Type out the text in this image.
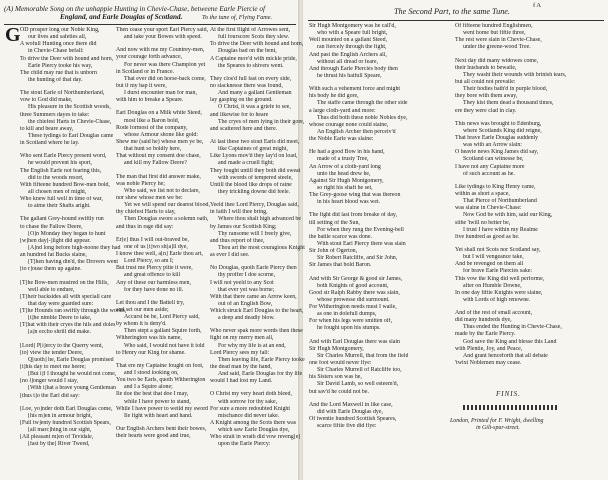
(A) Memorable Song on the unhappie Hunting in Chevie-Chase, betweene Earle Piercie of
England, and Earle Douglas of Scotland.	To the tune of, Flying Fame.
G OD prosper long our Noble King,
our lives and safeties all,
A wofull Hunting once there did
in Chevie-Chase befall:
To drive the Deer with hound and horn,
Earle Piercy tooke his way,
The child may rue that is unborn
the hunting of that day.
The stout Earle of Northumberland,
vow to God did make,
His pleasure in the Scottish woods,
three Summers dayes to take:
the chiefest Harts in Chevie-Chase,
to kill and beare away,
These tydings to Earl Douglas came
in Scotland where he lay.
Who sent Earle Piercy present word,
he would prevent his sport,
The English Earle not fearing this,
did to the woods resort,
With fifteene hundred Bow-men bold,
all chosen men of might,
Who knew full well in time of war,
to aime their Shafts aright.
The gallant Grey-hound swiftly run
to chase the Fallow Deere,
[O]n Monday they began to hunt
[w]hen day[-]light did appear.
[A]nd long before high-noone they had
an hundred fat Bucks slaine,
[T]hen having din'd, the Drovers went
[to r]ouse them up againe.
[T]he Bow-men mustred on the Hills,
well able to endure,
[T]heir backsides all with speciall care
that day were guarded sure:
[T]he Hounds ran swiftly through the woods,
[t]he nimble Deere to take,
[T]hat with their cryes the hils and doles
[a]n eccho shrill did make.
[Lord] P[i]ercy to the Querry went,
[to] view the tender Deere,
Q[uoth] he, Earle Douglas promised
[t]his day to meet me heere;
[But i]f I thought he would not come,
[no l]onger would I stay,
[With t]hat a brave young Gentleman
[thus t]o the Earl did say:
[Loe, yo]nder doth Earl Douglas come,
[his m]en in armour bright,
[Full tw]enty hundred Scottish Spears,
[all marc]hing in our sight,
[All pleasant m]en of Tevidale,
[fast by the] River Tweed,
Then cease your sport Earl Piercy said,
and take your Bowes with speed.
And now with me my Countrey-men,
your courage forth advance,
For never was there Champion yet
in Scotland or in France.
That ever did on horse-back come,
but if my hap it were,
I durst encounter man for man,
with him to breake a Speare.
Earl Douglas on a Milk white Steed,
most like a Baron bold,
Rode formost of the company,
whose Armour shone like gold:
Shew me (said he) whose men ye be,
that hunt so boldly here,
That without my consent doe chase,
and kill my Fallow Deere?
The man that first did answer make,
was noble Piercy he;
Who said, we list not to declare,
nor shew whose men we be:
Yet we will spend our dearest blood,
thy chiefest Harts to slay,
Then Douglas swore a solemn oath,
and thus in rage did say:
Er[e] thus I will out-braved be,
one of us [t]wo sh[a]ll dye,
I know thee well, a[n] Earle thou art,
Lord Piercy, so am I;
But trust me Piercy pitie it were,
and great offence to kill
Any of these our harmless men,
for they have done no ill.
Let thou and I the Battell try,
and set our men aside;
Accurst be he, Lord Piercy said,
by whom it is deny'd.
Then stept a gallant Squire forth,
Witherington was his name,
Who said, I would not have it told
to Henry our King for shame.
That ere my Captaine fought on foot,
and I stood looking on,
You two be Earls, quoth Witherington
and I a Squire alone;
Ile doe the best that doe I may,
while I have power to stand,
While I have power to weild my sword
Ile fight with heart and hand.
Our English Archers bent their bowes,
their hearts were good and true,
At the first flight of Arrowes sent,
full fourscore Scots they slew.
To drive the Deer with hound and horn,
Douglas bad on the bent,
A Captaine mov'd with mickle pride,
the Speares to shivers went.
They clos'd full fast on every side,
no slacknesse there was found,
And many a gallant Gentleman
lay gasping on the ground.
O Christ, it was a griefe to see,
and likewise for to heare
The cryes of men lying in their gore,
and scattered here and there.
At last these two stout Earls did meet,
like Captaines of great might,
Like Lyons mov'd they lay'd on load,
and made a cruell fight;
They fought untill they both did sweat
with swords of tempered steele,
Untill the blood like drops of raine
they trickling downe did feele.
Yeeld thee Lord Piercy, Douglas said,
in faith I will thee bring,
Where thou shalt high advanced be
by James our Scottish King;
Thy ransome will I freely give,
and thus report of thee,
Thou art the most couragious Knight
as ever I did see.
No Douglas, quoth Earle Piercy then
thy proffer I doe scorne,
I will not yeeld to any Scot
that ever yet was borne;
With that there came an Arrow keen,
out of an English Bow,
Which struck Earl Douglas to the heart,
a deep and deadly blow.
Who never spak more words then these
fight on my merry men all,
For why my life is at an end,
Lord Piercy sees my fall:
Then leaving life, Earle Piercy tooke
the dead man by the hand,
And said, Earle Douglas for thy life
would I had lost my Land.
O Christ my very heart doth bleed,
with sorrow for thy sake,
For sure a more redoubted Knight
mischance did never take.
A Knight among the Scots there was
which saw Earle Douglas dye,
Who strait in wrath did vow reveng[e]
upon the Earle Piercy:
f A
The Second Part, to the same Tune.
Sir Hugh Montgomery was he call'd,
who with a Speare full bright,
Well mounted on a gallant Steed,
ran fiercely through the fight,
And past the English Archers all,
without all dread or feare,
And through Earle Pierciés body then
he thrust his hatfull Speare,
With such a vehement force and might
his body he did gore,
The staffe came through the other side
a large cloth-yard and more:
Thus did both these noble Nobles dye,
whose courage none could staine,
An English Archer then perceiv'd
the Noble Earle was slaine:
He had a good Bow in his hand,
made of a trusty Tree,
An Arrow of a cloth-yard long
unto the head drew he,
Against Sir Hugh Montgomery,
so right his shaft he set,
The Grey-goose wing that was thereon
in his heart blood was wet.
The fight did last from breake of day,
till setting of the Sun,
For when they rung the Evening-bell
the battle scarce was done.
With stout Earl Piercy there was slain
Sir John of Ogerton,
Sir Robert Ratcliffe, and Sir John,
Sir James that bold Baron.
And with Sir George & good sir James,
both Knights of good account,
Good sir Ralph Rabby there was slain,
whose prowesse did surmount.
For Witherington needs must I waile,
as one in dolefull dumps,
For when his legs were smitten off,
he fought upon his stumps.
And with Earl Douglas there was slain
Sir Hugh Montgomery,
Sir Charles Murrell, that from the field
one foot would never flye:
Sir Charles Murrell of Ratcliffe too,
his Sisters son was he,
Sir David Lamb, so well esteem'd,
but sav'd he could not be.
And the Lord Maxwell in like case,
did with Earle Douglas dye,
Of twentie hundred Scottish Speares,
scarce fiftie five did flye:
Of fifteene hundred Englishmen,
went home but fiftie three,
The rest were slain in Chevie-Chase,
under the greene-wood Tree.
Next day did many widowes come,
their husbands to bewaile,
They washt their wounds with brinish tears,
but all could not prevaile:
Their bodies bath'd in purple blood,
they bore with them away,
They kist them dead a thousand times,
ere they were clad in clay.
This news was brought to Edenburg,
where Scotlands King did reigne,
That brave Earle Douglas suddenly
was with an Arrow slain:
O heavie news King James did say,
Scotland can witnesse be,
I have not any Captaine more
of such account as he.
Like tydings to King Henry came,
within as short a space,
That Pierce of Northumberland
was slaine in Chevie-Chase:
Now God be with him, said our King,
sithe 'twill no better be,
I trust I have within my Realme
five hundred as good as he.
Yet shall not Scots nor Scotland say,
but I will vengeance take,
And be revenged on them all
for brave Earle Pierciés sake:
This vow the King did well performe,
after on Humble Downe,
In one day fiftie Knights were slaine,
with Lords of high renowne.
And of the rest of small account,
did many hundreds dye,
Thus ended the Hunting in Chevie-Chase,
made by the Earle Piercy.
God save the King and blesse this Land
with Plentie, Joy, and Peace,
And grant henceforth that all debate
'twixt Noblemen may cease.
FINIS.
London, Printed for F. Wright, dwelling
in Gilt-spur-street.
